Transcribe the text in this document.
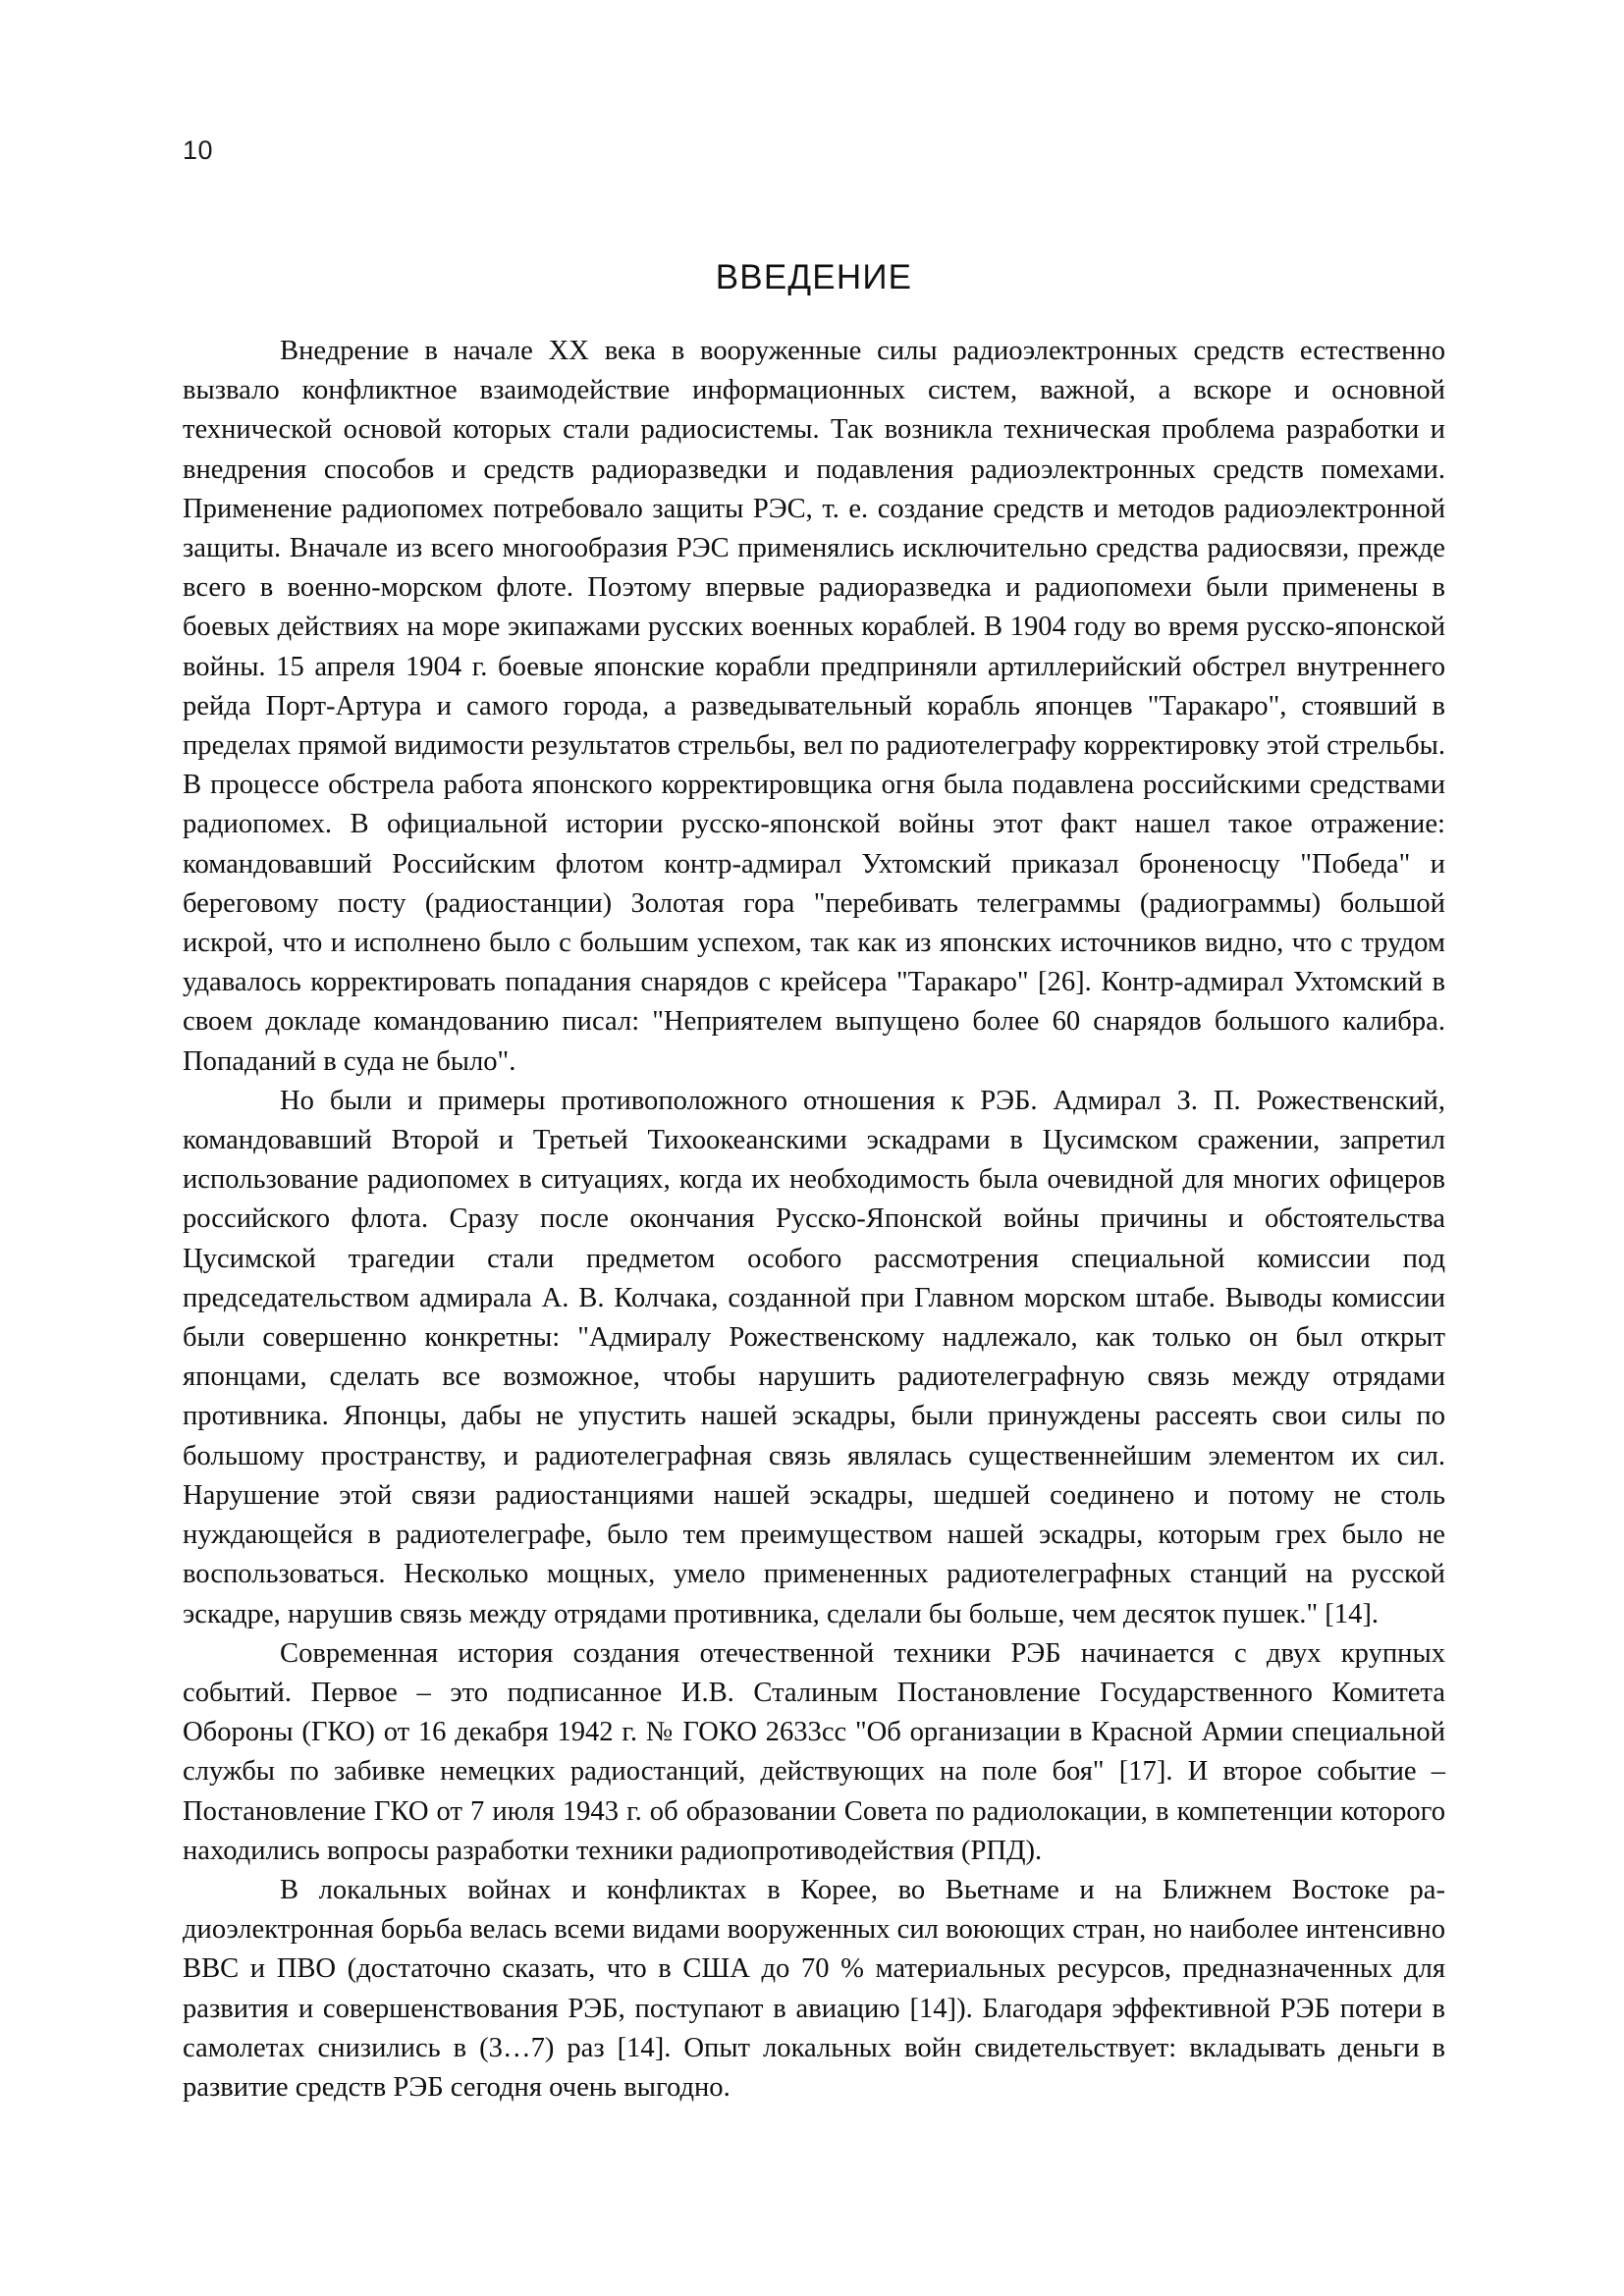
10
ВВЕДЕНИЕ

Внедрение в начале XX века в вооруженные силы радиоэлектронных средств естественно вызвало конфликтное взаимодействие информационных систем, важной, а вскоре и основной технической основой которых стали радиосистемы. Так возникла техническая проблема разработки и внедрения способов и средств радиоразведки и подавления радиоэлектронных средств помехами. Применение радиопомех потребовало защиты РЭС, т. е. создание средств и методов радиоэлектронной защиты. Вначале из всего многообразия РЭС применялись исключительно средства радиосвязи, прежде всего в военно-морском флоте. Поэтому впервые радиоразведка и радиопомехи были применены в боевых действиях на море экипажами русских военных кораблей. В 1904 году во время русско-японской войны. 15 апреля 1904 г. боевые японские корабли предприняли артиллерийский обстрел внутреннего рейда Порт-Артура и самого города, а разведывательный корабль японцев "Таракаро", стоявший в пределах прямой видимости результатов стрельбы, вел по радиотелеграфу корректировку этой стрельбы. В процессе обстрела работа японского корректировщика огня была подавлена российскими средствами радиопомех. В официальной истории русско-японской войны этот факт нашел такое отражение: командовавший Российским флотом контр-адмирал Ухтомский приказал броненосцу "Победа" и береговому посту (радиостанции) Золотая гора "перебивать телеграммы (радиограммы) большой искрой, что и исполнено было с большим успехом, так как из японских источников видно, что с трудом удавалось корректировать попадания снарядов с крейсера "Таракаро" [26]. Контр-адмирал Ухтомский в своем докладе командованию писал: "Неприятелем выпущено более 60 снарядов большого калибра. Попаданий в суда не было".

Но были и примеры противоположного отношения к РЭБ. Адмирал З. П. Рожественский, командовавший Второй и Третьей Тихоокеанскими эскадрами в Цусимском сражении, запретил использование радиопомех в ситуациях, когда их необходимость была очевидной для многих офицеров российского флота. Сразу после окончания Русско-Японской войны причины и обстоятельства Цусимской трагедии стали предметом особого рассмотрения специальной комиссии под председательством адмирала А. В. Колчака, созданной при Главном морском штабе. Выводы комиссии были совершенно конкретны: "Адмиралу Рожественскому надлежало, как только он был открыт японцами, сделать все возможное, чтобы нарушить радиотелеграфную связь между отрядами противника. Японцы, дабы не упустить нашей эскадры, были принуждены рассеять свои силы по большому пространству, и радиотелеграфная связь являлась существеннейшим элементом их сил. Нарушение этой связи радиостанциями нашей эскадры, шедшей соединено и потому не столь нуждающейся в радиотелеграфе, было тем преимуществом нашей эскадры, которым грех было не воспользоваться. Несколько мощных, умело примененных радиотелеграфных станций на русской эскадре, нарушив связь между отрядами противника, сделали бы больше, чем десяток пушек." [14].

Современная история создания отечественной техники РЭБ начинается с двух крупных событий. Первое – это подписанное И.В. Сталиным Постановление Государственного Комитета Обороны (ГКО) от 16 декабря 1942 г. № ГОКО 2633сс "Об организации в Красной Армии специальной службы по забивке немецких радиостанций, действующих на поле боя" [17]. И второе событие – Постановление ГКО от 7 июля 1943 г. об образовании Совета по радиолокации, в компетенции которого находились вопросы разработки техники радиопротиводействия (РПД).

В локальных войнах и конфликтах в Корее, во Вьетнаме и на Ближнем Востоке радиоэлектронная борьба велась всеми видами вооруженных сил воюющих стран, но наиболее интенсивно ВВС и ПВО (достаточно сказать, что в США до 70 % материальных ресурсов, предназначенных для развития и совершенствования РЭБ, поступают в авиацию [14]). Благодаря эффективной РЭБ потери в самолетах снизились в (3…7) раз [14]. Опыт локальных войн свидетельствует: вкладывать деньги в развитие средств РЭБ сегодня очень выгодно.
